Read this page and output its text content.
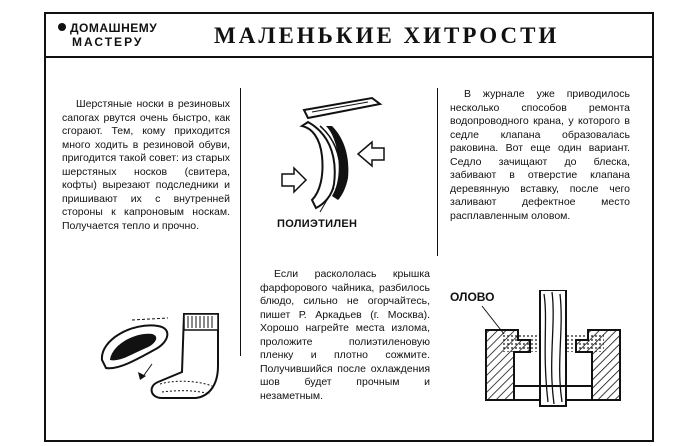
ДОМАШНЕМУ
МАСТЕРУ	МАЛЕНЬКИЕ ХИТРОСТИ

Шерстяные носки в резиновых сапогах рвутся очень быстро, как сгорают. Тем, кому приходится много ходить в резиновой обуви, пригодится такой совет: из старых шерстяных носков (свитера, кофты) вырезают подследники и пришивают их с внутренней стороны к капроновым носкам. Получается тепло и прочно.	ПОЛИЭТИЛЕН

Если раскололась крышка фарфорового чайника, разбилось блюдо, сильно не огорчайтесь, пишет Р. Аркадьев (г. Москва). Хорошо нагрейте места излома, проложите полиэтиленовую пленку и плотно сожмите. Получившийся после охлаждения шов будет прочным и незаметным.

В журнале уже приводилось несколько способов ремонта водопроводного крана, у которого в седле клапана образовалась раковина. Вот еще один вариант. Седло зачищают до блеска, забивают в отверстие клапана деревянную вставку, после чего заливают дефектное место расплавленным оловом.

ОЛОВО
